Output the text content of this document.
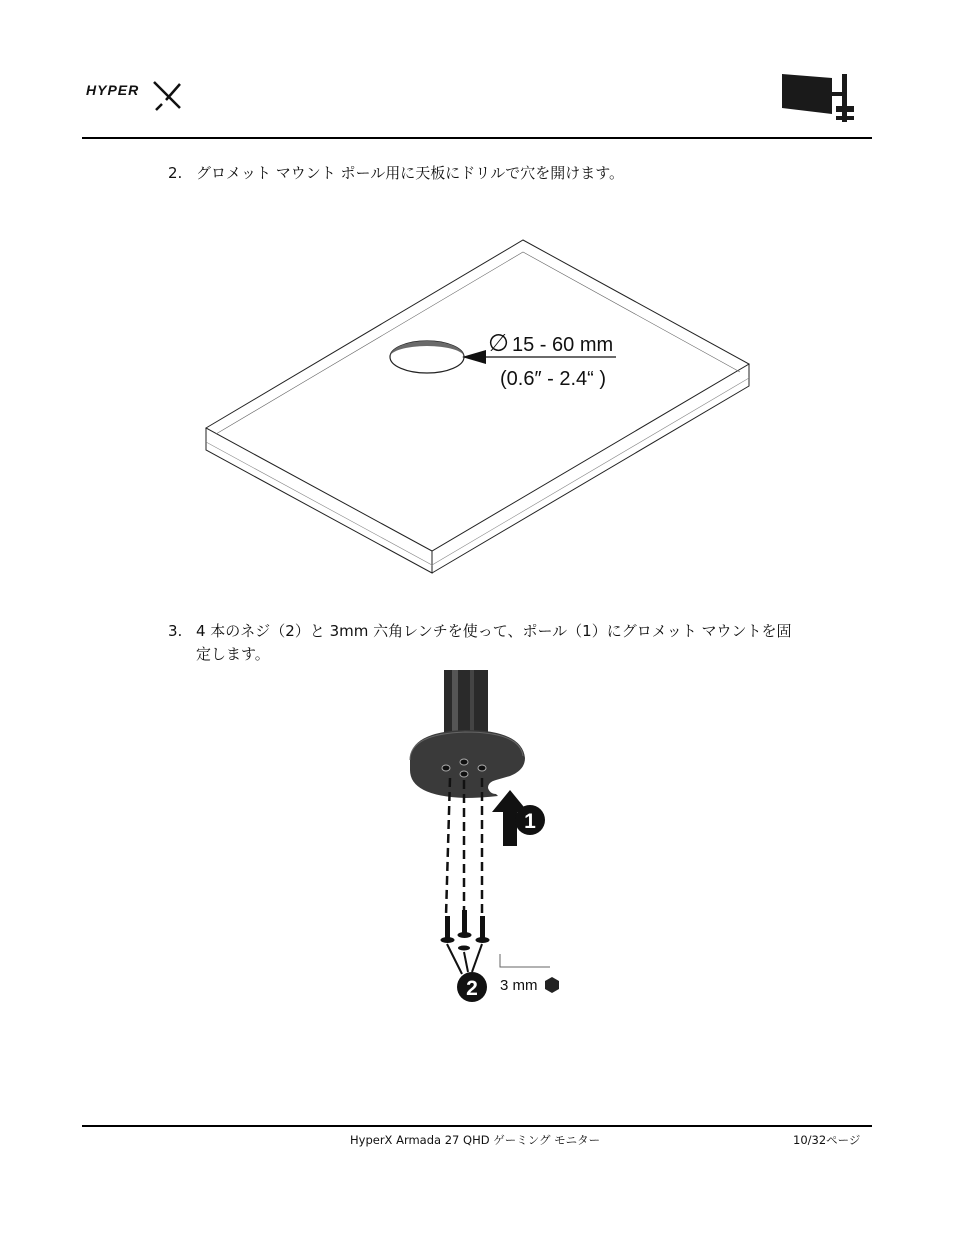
HYPER
2. グロメット マウント ポール用に天板にドリルで穴を開けます。
∅ 15 - 60 mm
(0.6″ - 2.4“ )
3. 4 本のネジ（2）と 3mm 六角レンチを使って、ポール（1）にグロメット マウントを固
定します。
1
2 3 mm
HyperX Armada 27 QHD ゲーミング モニター	10/32ページ
